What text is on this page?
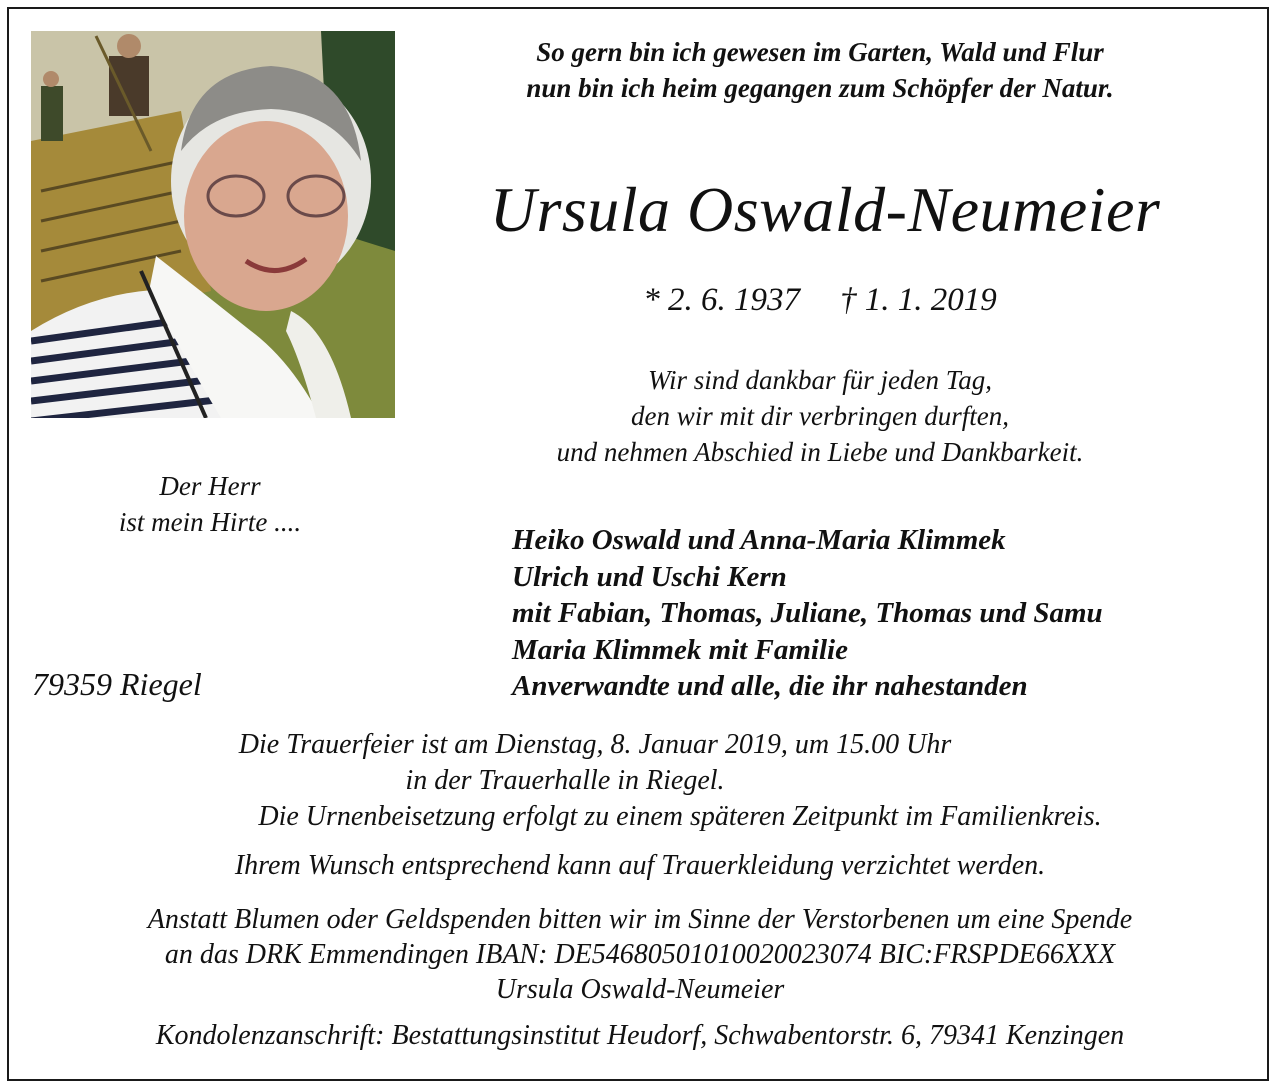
So gern bin ich gewesen im Garten, Wald und Flur
nun bin ich heim gegangen zum Schöpfer der Natur.
Ursula Oswald-Neumeier
* 2. 6. 1937 † 1. 1. 2019
Wir sind dankbar für jeden Tag,
den wir mit dir verbringen durften,
und nehmen Abschied in Liebe und Dankbarkeit.
Der Herr
ist mein Hirte ....
Heiko Oswald und Anna-Maria Klimmek
Ulrich und Uschi Kern
mit Fabian, Thomas, Juliane, Thomas und Samu
Maria Klimmek mit Familie
Anverwandte und alle, die ihr nahestanden
79359 Riegel
Die Trauerfeier ist am Dienstag, 8. Januar 2019, um 15.00 Uhr
in der Trauerhalle in Riegel.
Die Urnenbeisetzung erfolgt zu einem späteren Zeitpunkt im Familienkreis.
Ihrem Wunsch entsprechend kann auf Trauerkleidung verzichtet werden.
Anstatt Blumen oder Geldspenden bitten wir im Sinne der Verstorbenen um eine Spende
an das DRK Emmendingen IBAN: DE54680501010020023074 BIC:FRSPDE66XXX
Ursula Oswald-Neumeier
Kondolenzanschrift: Bestattungsinstitut Heudorf, Schwabentorstr. 6, 79341 Kenzingen
